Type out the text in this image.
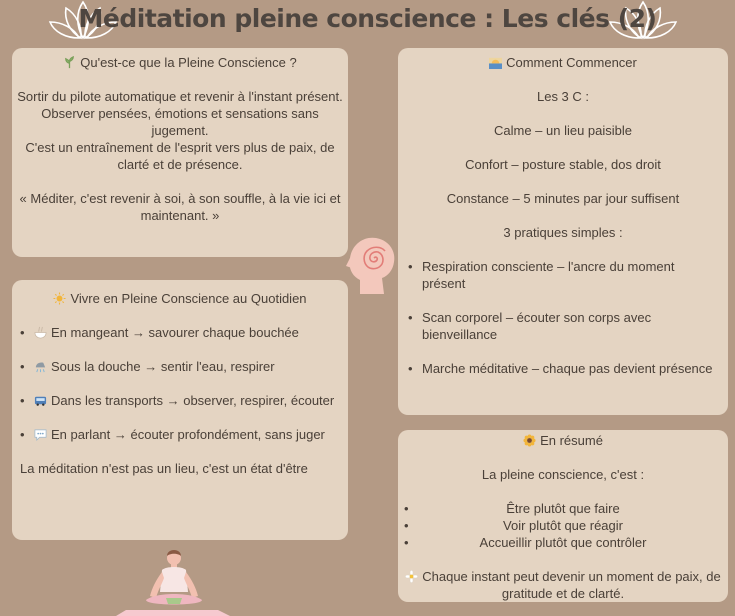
Méditation pleine conscience : Les clés (2)

Qu'est-ce que la Pleine Conscience ?

Sortir du pilote automatique et revenir à l'instant présent.

Observer pensées, émotions et sensations sans jugement.

C'est un entraînement de l'esprit vers plus de paix, de clarté et de présence.

« Méditer, c'est revenir à soi, à son souffle, à la vie ici et maintenant. »

Vivre en Pleine Conscience au Quotidien

•	En mangeant → savourer chaque bouchée
•	Sous la douche → sentir l'eau, respirer
•	Dans les transports → observer, respirer, écouter
•	En parlant → écouter profondément, sans juger

La méditation n'est pas un lieu, c'est un état d'être

Comment Commencer

Les 3 C :

Calme – un lieu paisible

Confort – posture stable, dos droit

Constance – 5 minutes par jour suffisent

3 pratiques simples :

• Respiration consciente – l'ancre du moment présent
• Scan corporel – écouter son corps avec bienveillance
• Marche méditative – chaque pas devient présence

En résumé

La pleine conscience, c'est :

•	Être plutôt que faire

•	Voir plutôt que réagir

•	Accueillir plutôt que contrôler

Chaque instant peut devenir un moment de paix, de gratitude et de clarté.
